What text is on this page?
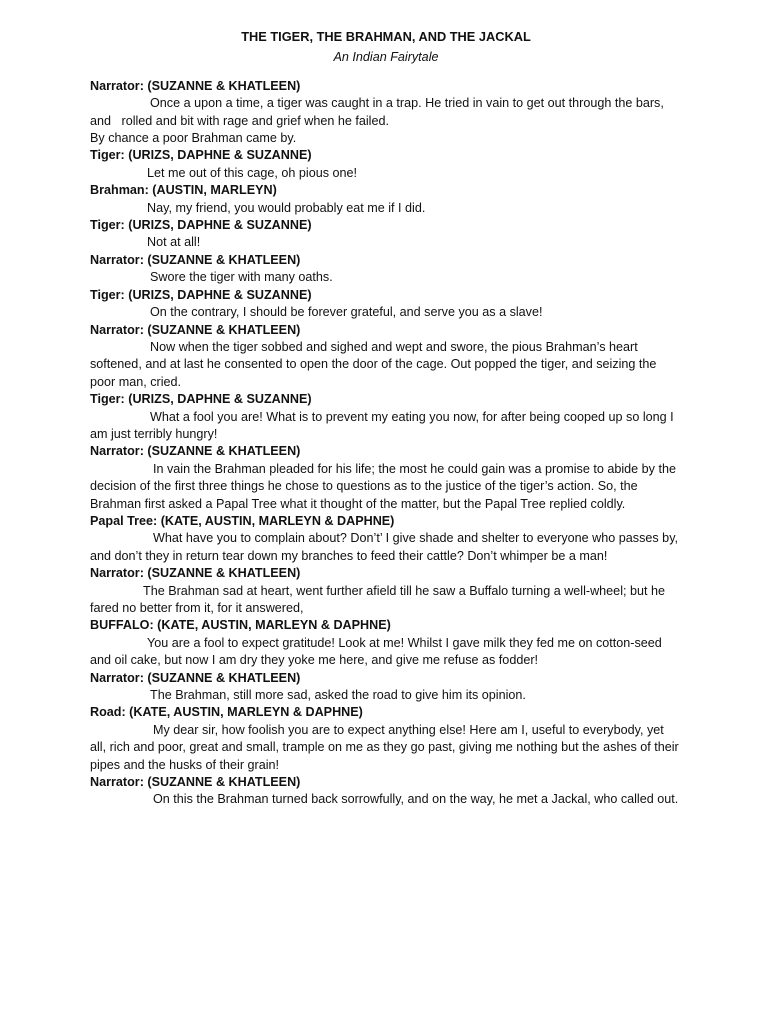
THE TIGER, THE BRAHMAN, AND THE JACKAL

An Indian Fairytale

Narrator: (SUZANNE & KHATLEEN)

Once a upon a time, a tiger was caught in a trap. He tried in vain to get out through the bars, and   rolled and bit with rage and grief when he failed.

By chance a poor Brahman came by.

Tiger: (URIZS, DAPHNE & SUZANNE)

Let me out of this cage, oh pious one!

Brahman: (AUSTIN, MARLEYN)

Nay, my friend, you would probably eat me if I did.

Tiger: (URIZS, DAPHNE & SUZANNE)

Not at all!

Narrator: (SUZANNE & KHATLEEN)

Swore the tiger with many oaths.

Tiger: (URIZS, DAPHNE & SUZANNE)

On the contrary, I should be forever grateful, and serve you as a slave!

Narrator: (SUZANNE & KHATLEEN)

Now when the tiger sobbed and sighed and wept and swore, the pious Brahman’s heart softened, and at last he consented to open the door of the cage. Out popped the tiger, and seizing the poor man, cried.

Tiger: (URIZS, DAPHNE & SUZANNE)

What a fool you are! What is to prevent my eating you now, for after being cooped up so long I am just terribly hungry!

Narrator: (SUZANNE & KHATLEEN)

In vain the Brahman pleaded for his life; the most he could gain was a promise to abide by the decision of the first three things he chose to questions as to the justice of the tiger’s action. So, the Brahman first asked a Papal Tree what it thought of the matter, but the Papal Tree replied coldly.

Papal Tree: (KATE, AUSTIN, MARLEYN & DAPHNE)

What have you to complain about? Don’t’ I give shade and shelter to everyone who passes by, and don’t they in return tear down my branches to feed their cattle? Don’t whimper be a man!

Narrator: (SUZANNE & KHATLEEN)

The Brahman sad at heart, went further afield till he saw a Buffalo turning a well-wheel; but he fared no better from it, for it answered,

BUFFALO: (KATE, AUSTIN, MARLEYN & DAPHNE)

You are a fool to expect gratitude! Look at me! Whilst I gave milk they fed me on cotton-seed and oil cake, but now I am dry they yoke me here, and give me refuse as fodder!

Narrator: (SUZANNE & KHATLEEN)

The Brahman, still more sad, asked the road to give him its opinion.

Road: (KATE, AUSTIN, MARLEYN & DAPHNE)

My dear sir, how foolish you are to expect anything else! Here am I, useful to everybody, yet all, rich and poor, great and small, trample on me as they go past, giving me nothing but the ashes of their pipes and the husks of their grain!

Narrator: (SUZANNE & KHATLEEN)

On this the Brahman turned back sorrowfully, and on the way, he met a Jackal, who called out.
